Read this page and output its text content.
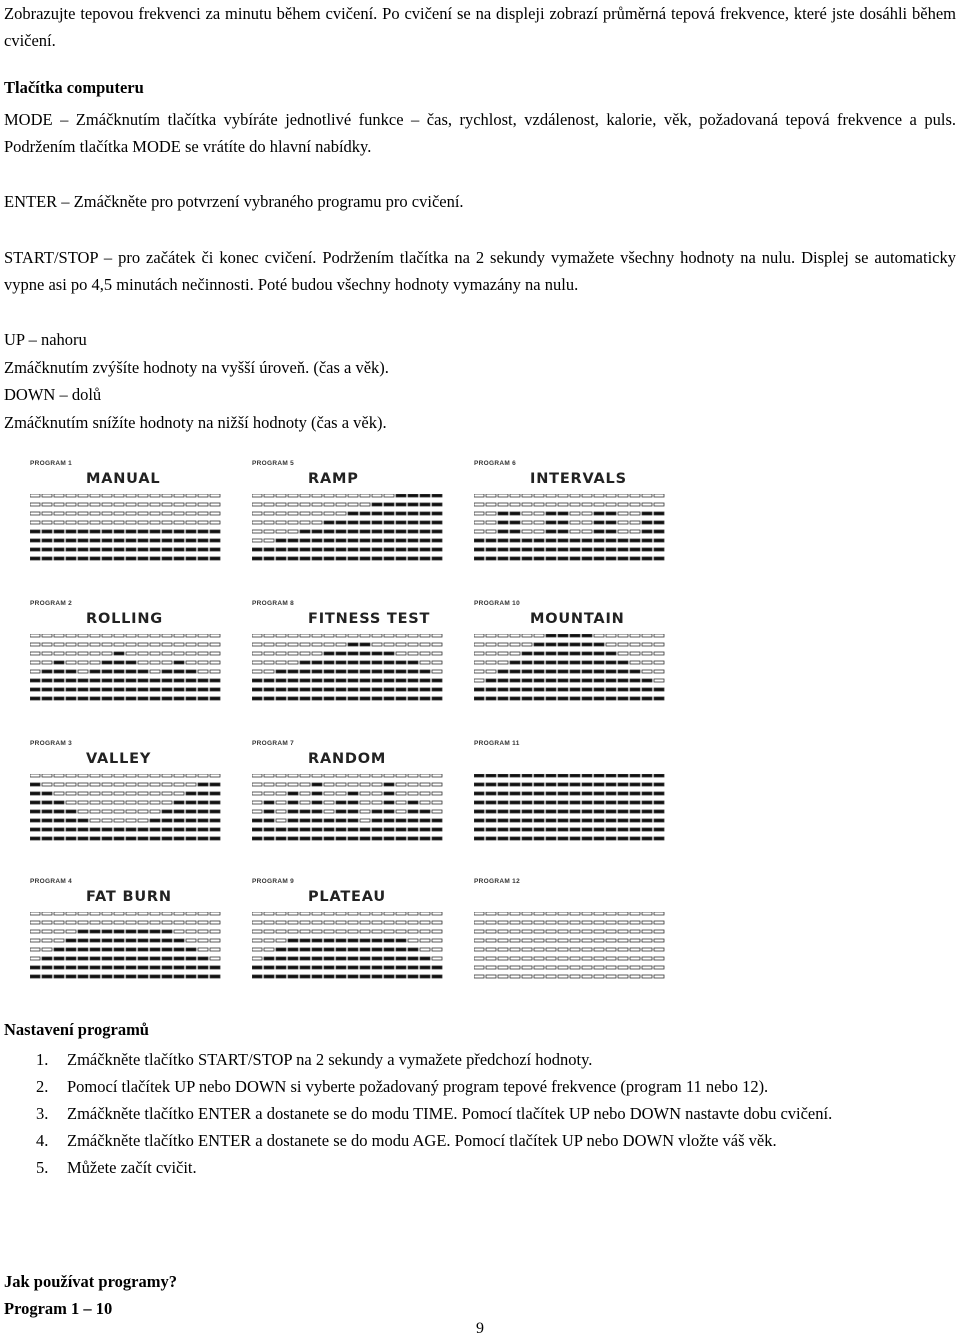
Zobrazujte tepovou frekvenci za minutu během cvičení. Po cvičení se na displeji zobrazí průměrná tepová frekvence, které jste dosáhli během cvičení.

Tlačítka computeru

MODE – Zmáčknutím tlačítka vybíráte jednotlivé funkce – čas, rychlost, vzdálenost, kalorie, věk, požadovaná tepová frekvence a puls. Podržením tlačítka MODE se vrátíte do hlavní nabídky.

ENTER – Zmáčkněte pro potvrzení vybraného programu pro cvičení.

START/STOP – pro začátek či konec cvičení. Podržením tlačítka na 2 sekundy vymažete všechny hodnoty na nulu. Displej se automaticky vypne asi po 4,5 minutách nečinnosti. Poté budou všechny hodnoty vymazány na nulu.

UP – nahoru

Zmáčknutím zvýšíte hodnoty na vyšší úroveň. (čas a věk).

DOWN – dolů

Zmáčknutím snížíte hodnoty na nižší hodnoty (čas a věk).

PROGRAM 1
MANUAL
PROGRAM 5
RAMP
PROGRAM 6
INTERVALS
PROGRAM 2
ROLLING
PROGRAM 8
FITNESS TEST
PROGRAM 10
MOUNTAIN
PROGRAM 3
VALLEY
PROGRAM 7
RANDOM
PROGRAM 11
PROGRAM 4
FAT BURN
PROGRAM 9
PLATEAU
PROGRAM 12

Nastavení programů

1. Zmáčkněte tlačítko START/STOP na 2 sekundy a vymažete předchozí hodnoty.
2. Pomocí tlačítek UP nebo DOWN si vyberte požadovaný program tepové frekvence (program 11 nebo 12).
3. Zmáčkněte tlačítko ENTER a dostanete se do modu TIME. Pomocí tlačítek UP nebo DOWN nastavte dobu cvičení.
4. Zmáčkněte tlačítko ENTER a dostanete se do modu AGE. Pomocí tlačítek UP nebo DOWN vložte váš věk.
5. Můžete začít cvičit.

Jak používat programy?

Program 1 – 10

9
